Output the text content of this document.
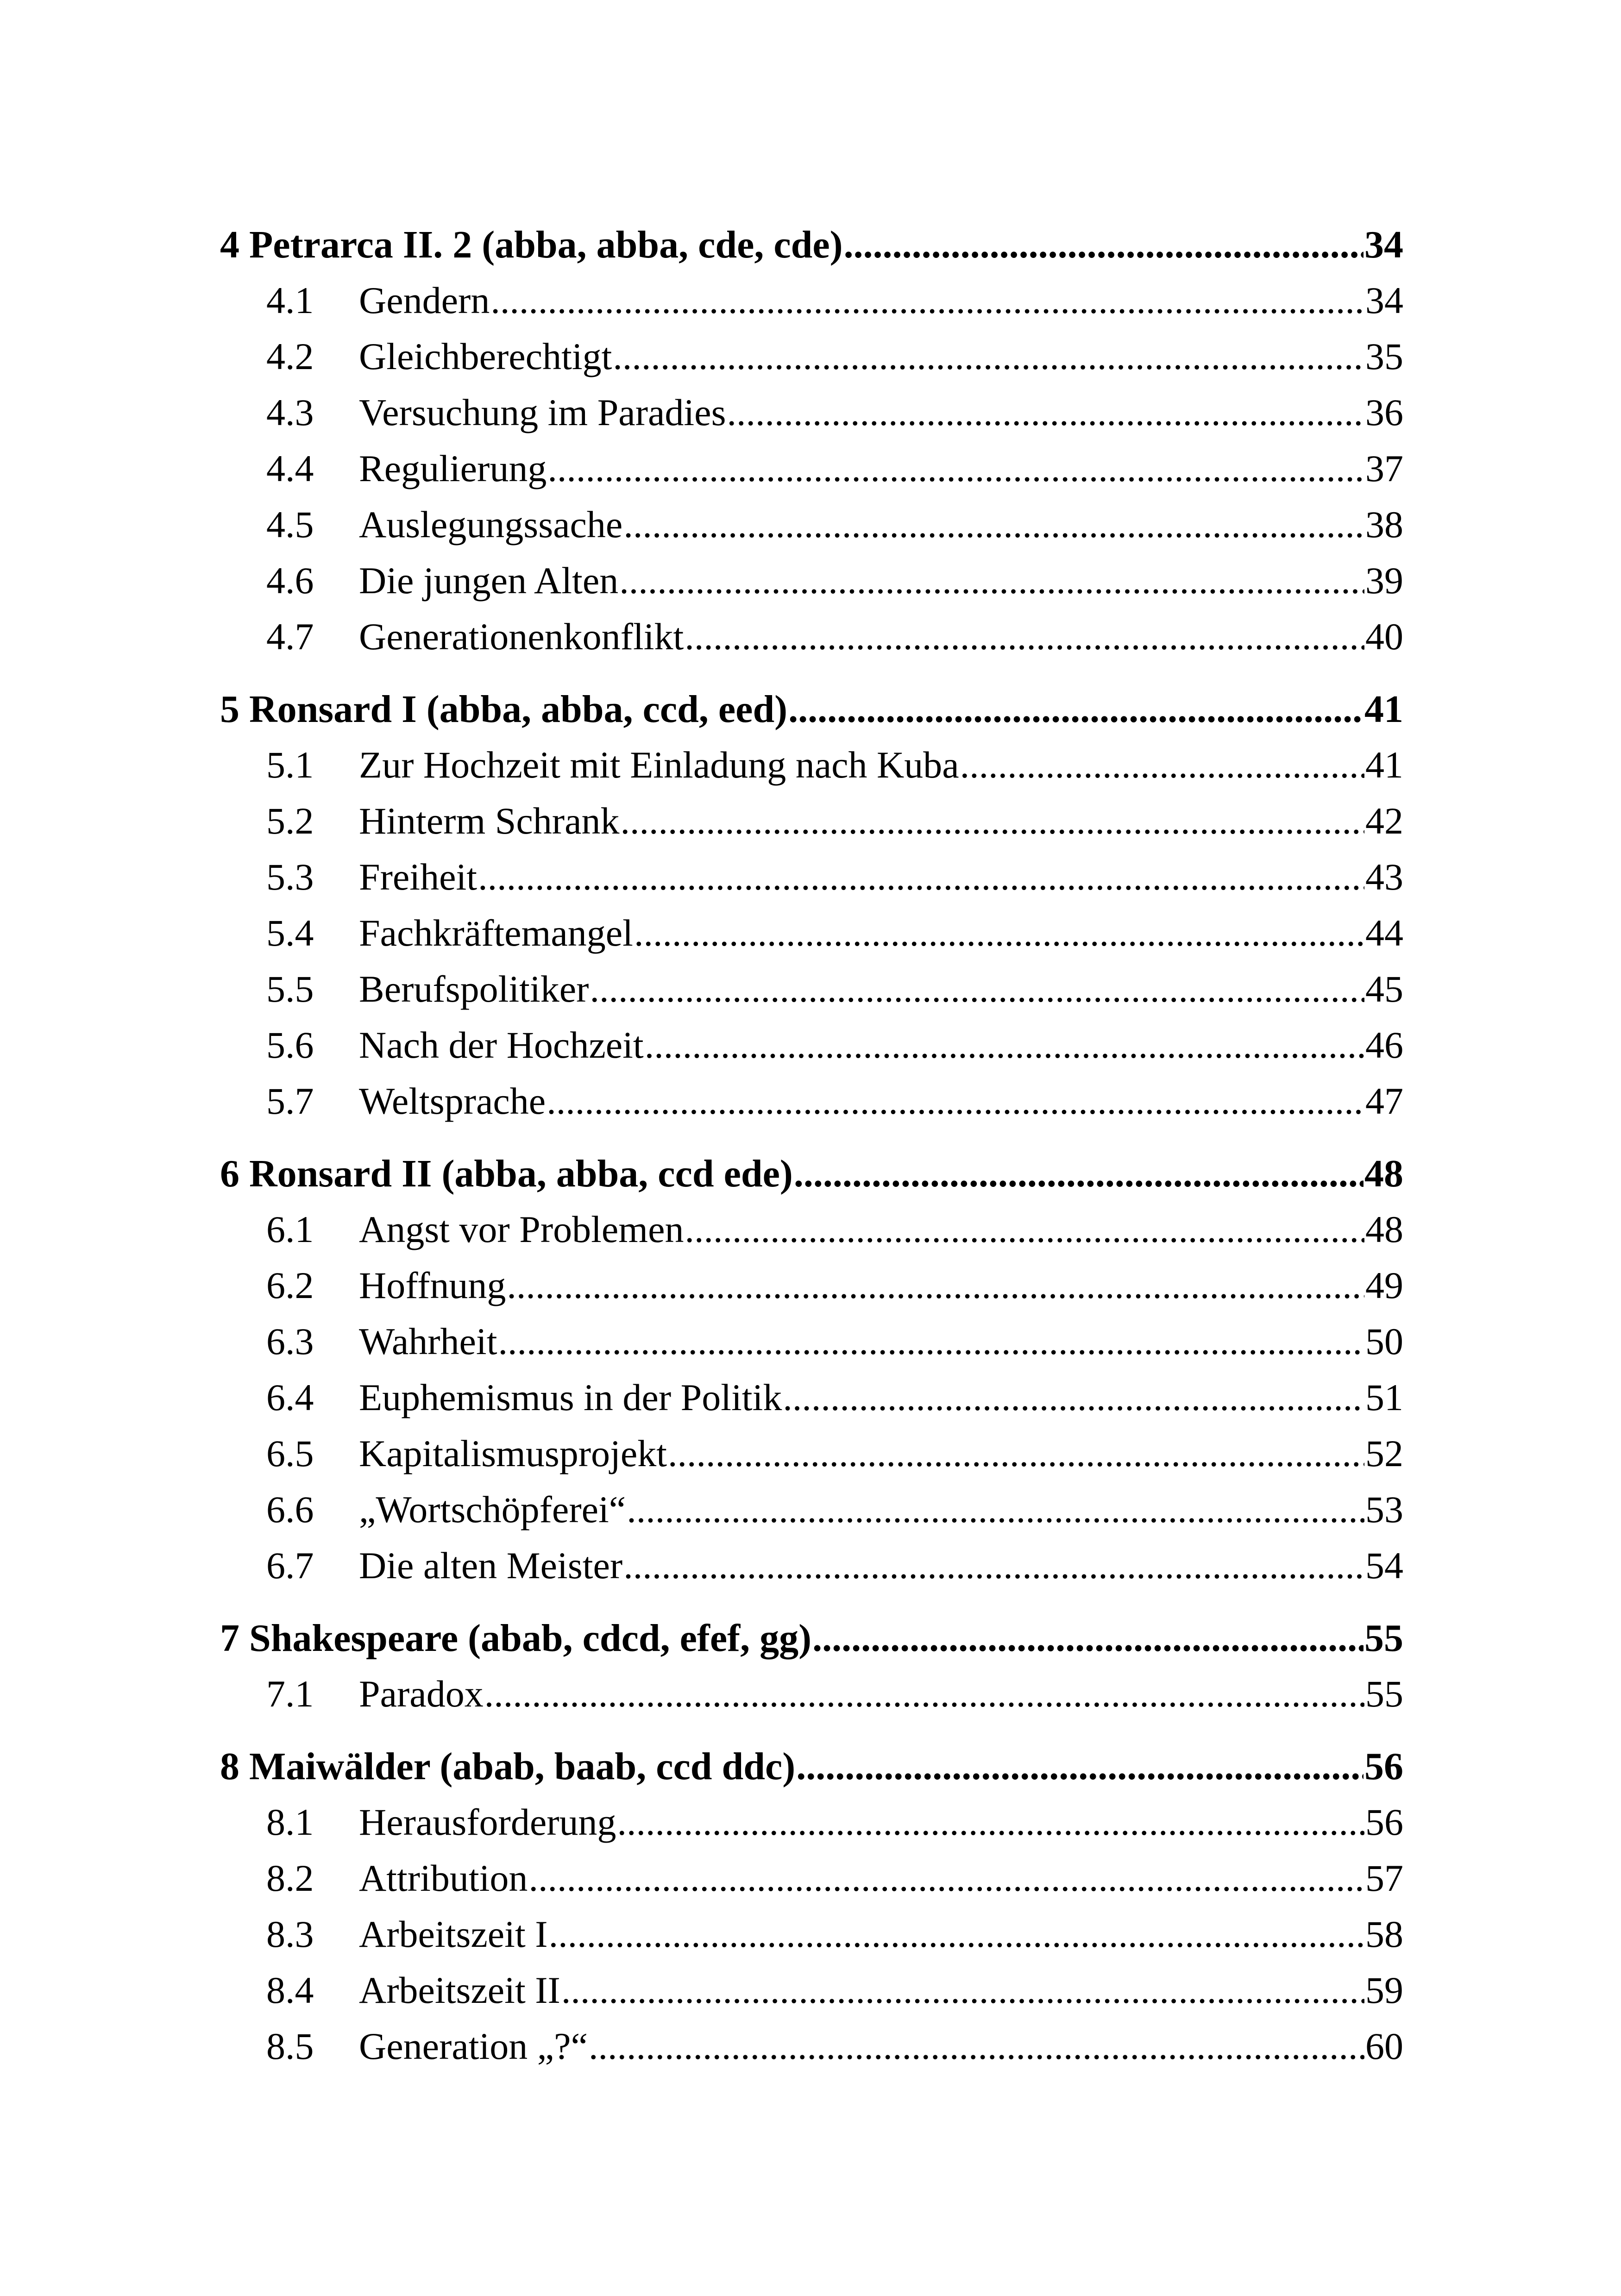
4 Petrarca II. 2 (abba, abba, cde, cde) .....	34
4.1	Gendern .....	34
4.2	Gleichberechtigt .....	35
4.3	Versuchung im Paradies .....	36
4.4	Regulierung .....	37
4.5	Auslegungssache .....	38
4.6	Die jungen Alten .....	39
4.7	Generationenkonflikt .....	40
5 Ronsard I (abba, abba, ccd, eed) .....	41
5.1	Zur Hochzeit mit Einladung nach Kuba .....	41
5.2	Hinterm Schrank .....	42
5.3	Freiheit .....	43
5.4	Fachkräftemangel .....	44
5.5	Berufspolitiker .....	45
5.6	Nach der Hochzeit .....	46
5.7	Weltsprache .....	47
6 Ronsard II (abba, abba, ccd ede) .....	48
6.1	Angst vor Problemen .....	48
6.2	Hoffnung .....	49
6.3	Wahrheit .....	50
6.4	Euphemismus in der Politik .....	51
6.5	Kapitalismusprojekt .....	52
6.6	„Wortschöpferei“ .....	53
6.7	Die alten Meister .....	54
7 Shakespeare (abab, cdcd, efef, gg) .....	55
7.1	Paradox .....	55
8 Maiwälder (abab, baab, ccd ddc) .....	56
8.1	Herausforderung .....	56
8.2	Attribution .....	57
8.3	Arbeitszeit I .....	58
8.4	Arbeitszeit II .....	59
8.5	Generation „?“ .....	60
